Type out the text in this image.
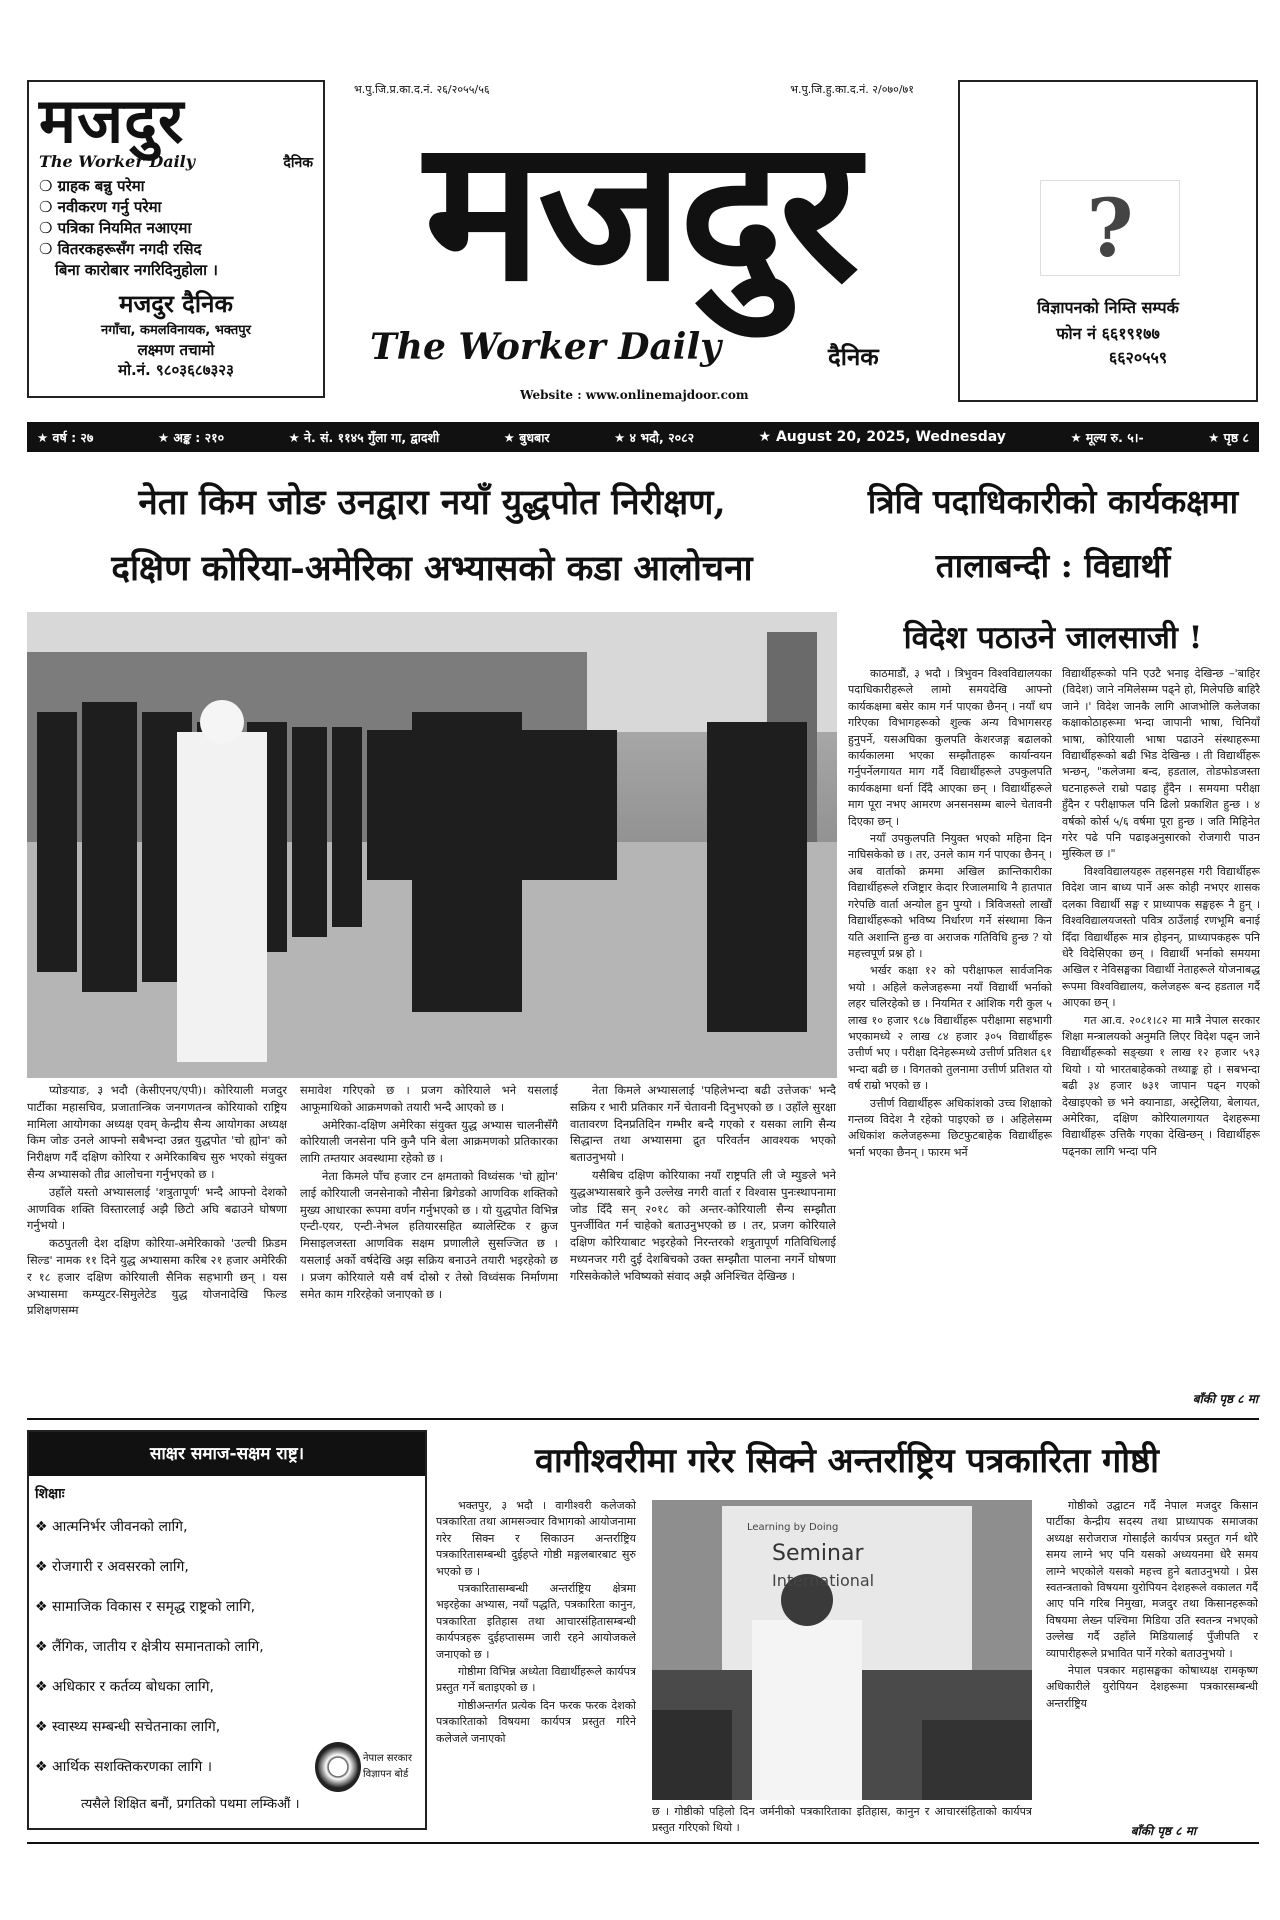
मजदुर
The Worker Daily	दैनिक
❍ ग्राहक बन्नु परेमा
❍ नवीकरण गर्नु परेमा
❍ पत्रिका नियमित नआएमा
❍ वितरकहरूसँग नगदी रसिद
बिना कारोबार नगरिदिनुहोला ।
मजदुर दैनिक
नगाँचा, कमलविनायक, भक्तपुर
लक्ष्मण तचामो
मो.नं. ९८०३६८७३२३
भ.पु.जि.प्र.का.द.नं. २६/२०५५/५६	भ.पु.जि.हु.का.द.नं. २/०७०/७१
मजदुर
The Worker Daily	दैनिक
Website : www.onlinemajdoor.com
?
विज्ञापनको निम्ति सम्पर्क
फोन नं ६६१९१७७
६६२०५५९
★ वर्ष : २७	★ अङ्क : २१०	★ ने. सं. ११४५ गुँला गा, द्वादशी	★ बुधबार	★ ४ भदौ, २०८२	★ August 20, 2025, Wednesday	★ मूल्य रु. ५।-	★ पृष्ठ ८
नेता किम जोङ उनद्वारा नयाँ युद्धपोत निरीक्षण,
दक्षिण कोरिया-अमेरिका अभ्यासको कडा आलोचना

प्योङयाङ, ३ भदौ (केसीएनए/एपी)। कोरियाली मजदुर पार्टीका महासचिव, प्रजातान्त्रिक जनगणतन्त्र कोरियाको राष्ट्रिय मामिला आयोगका अध्यक्ष एवम् केन्द्रीय सैन्य आयोगका अध्यक्ष किम जोङ उनले आफ्नो सबैभन्दा उन्नत युद्धपोत 'चो ह्योन' को निरीक्षण गर्दै दक्षिण कोरिया र अमेरिकाबिच सुरु भएको संयुक्त सैन्य अभ्यासको तीव्र आलोचना गर्नुभएको छ ।

उहाँले यस्तो अभ्यासलाई 'शत्रुतापूर्ण' भन्दै आफ्नो देशको आणविक शक्ति विस्तारलाई अझै छिटो अघि बढाउने घोषणा गर्नुभयो ।

कठपुतली देश दक्षिण कोरिया-अमेरिकाको 'उल्ची फ्रिडम सिल्ड' नामक ११ दिने युद्ध अभ्यासमा करिब २१ हजार अमेरिकी र १८ हजार दक्षिण कोरियाली सैनिक सहभागी छन् । यस अभ्यासमा कम्प्युटर-सिमुलेटेड युद्ध योजनादेखि फिल्ड प्रशिक्षणसम्म

समावेश गरिएको छ । प्रजग कोरियाले भने यसलाई आफूमाथिको आक्रमणको तयारी भन्दै आएको छ ।

अमेरिका-दक्षिण अमेरिका संयुक्त युद्ध अभ्यास चालनीसँगै कोरियाली जनसेना पनि कुनै पनि बेला आक्रमणको प्रतिकारका लागि तम्तयार अवस्थामा रहेको छ ।

नेता किमले पाँच हजार टन क्षमताको विध्वंसक 'चो ह्योन' लाई कोरियाली जनसेनाको नौसेना ब्रिगेडको आणविक शक्तिको मुख्य आधारका रूपमा वर्णन गर्नुभएको छ । यो युद्धपोत विभिन्न एन्टी-एयर, एन्टी-नेभल हतियारसहित ब्यालेस्टिक र क्रुज मिसाइलजस्ता आणविक सक्षम प्रणालीले सुसज्जित छ । यसलाई अर्को वर्षदेखि अझ सक्रिय बनाउने तयारी भइरहेको छ । प्रजग कोरियाले यसै वर्ष दोस्रो र तेस्रो विध्वंसक निर्माणमा समेत काम गरिरहेको जनाएको छ ।

नेता किमले अभ्यासलाई 'पहिलेभन्दा बढी उत्तेजक' भन्दै सक्रिय र भारी प्रतिकार गर्ने चेतावनी दिनुभएको छ । उहाँले सुरक्षा वातावरण दिनप्रतिदिन गम्भीर बन्दै गएको र यसका लागि सैन्य सिद्धान्त तथा अभ्यासमा द्रुत परिवर्तन आवश्यक भएको बताउनुभयो ।

यसैबिच दक्षिण कोरियाका नयाँ राष्ट्रपति ली जे म्युङले भने युद्धअभ्यासबारे कुनै उल्लेख नगरी वार्ता र विश्वास पुनःस्थापनामा जोड दिँदै सन् २०१८ को अन्तर-कोरियाली सैन्य सम्झौता पुनर्जीवित गर्न चाहेको बताउनुभएको छ । तर, प्रजग कोरियाले दक्षिण कोरियाबाट भइरहेको निरन्तरको शत्रुतापूर्ण गतिविधिलाई मध्यनजर गरी दुई देशबिचको उक्त सम्झौता पालना नगर्ने घोषणा गरिसकेकोले भविष्यको संवाद अझै अनिश्चित देखिन्छ ।

त्रिवि पदाधिकारीको कार्यकक्षमा
तालाबन्दी : विद्यार्थी
विदेश पठाउने जालसाजी !

काठमाडौं, ३ भदौ । त्रिभुवन विश्वविद्यालयका पदाधिकारीहरूले लामो समयदेखि आफ्नो कार्यकक्षमा बसेर काम गर्न पाएका छैनन् । नयाँ थप गरिएका विभागहरूको शुल्क अन्य विभागसरह हुनुपर्ने, यसअघिका कुलपति केशरजङ्ग बढालको कार्यकालमा भएका सम्झौताहरू कार्यान्वयन गर्नुपर्नेलगायत माग गर्दै विद्यार्थीहरूले उपकुलपति कार्यकक्षमा धर्ना दिँदै आएका छन् । विद्यार्थीहरूले माग पूरा नभए आमरण अनसनसम्म बाल्ने चेतावनी दिएका छन् ।

नयाँ उपकुलपति नियुक्त भएको महिना दिन नाघिसकेको छ । तर, उनले काम गर्न पाएका छैनन् । अब वार्ताको क्रममा अखिल क्रान्तिकारीका विद्यार्थीहरूले रजिष्ट्रार केदार रिजालमाथि नै हातपात गरेपछि वार्ता अन्योल हुन पुग्यो । त्रिविजस्तो लाखौं विद्यार्थीहरूको भविष्य निर्धारण गर्ने संस्थामा किन यति अशान्ति हुन्छ वा अराजक गतिविधि हुन्छ ? यो महत्त्वपूर्ण प्रश्न हो ।

भर्खर कक्षा १२ को परीक्षाफल सार्वजनिक भयो । अहिले कलेजहरूमा नयाँ विद्यार्थी भर्नाको लहर चलिरहेको छ । नियमित र आंशिक गरी कुल ५ लाख १० हजार ९८७ विद्यार्थीहरू परीक्षामा सहभागी भएकामध्ये २ लाख ८४ हजार ३०५ विद्यार्थीहरू उत्तीर्ण भए । परीक्षा दिनेहरूमध्ये उत्तीर्ण प्रतिशत ६१ भन्दा बढी छ । विगतको तुलनामा उत्तीर्ण प्रतिशत यो वर्ष राम्रो भएको छ ।

उत्तीर्ण विद्यार्थीहरू अधिकांशको उच्च शिक्षाको गन्तव्य विदेश नै रहेको पाइएको छ । अहिलेसम्म अधिकांश कलेजहरूमा छिटफुटबाहेक विद्यार्थीहरू भर्ना भएका छैनन् । फारम भर्ने

विद्यार्थीहरूको पनि एउटै भनाइ देखिन्छ –'बाहिर (विदेश) जाने नमिलेसम्म पढ्ने हो, मिलेपछि बाहिरै जाने ।' विदेश जानकै लागि आजभोलि कलेजका कक्षाकोठाहरूमा भन्दा जापानी भाषा, चिनियाँ भाषा, कोरियाली भाषा पढाउने संस्थाहरूमा विद्यार्थीहरूको बढी भिड देखिन्छ । ती विद्यार्थीहरू भन्छन्, "कलेजमा बन्द, हडताल, तोडफोडजस्ता घटनाहरूले राम्रो पढाइ हुँदैन । समयमा परीक्षा हुँदैन र परीक्षाफल पनि ढिलो प्रकाशित हुन्छ । ४ वर्षको कोर्स ५/६ वर्षमा पूरा हुन्छ । जति मिहिनेत गरेर पढे पनि पढाइअनुसारको रोजगारी पाउन मुस्किल छ ।"

विश्वविद्यालयहरू तहसनहस गरी विद्यार्थीहरू विदेश जान बाध्य पार्ने अरू कोही नभएर शासक दलका विद्यार्थी सङ्घ र प्राध्यापक सङ्घहरू नै हुन् । विश्वविद्यालयजस्तो पवित्र ठाउँलाई रणभूमि बनाई दिँदा विद्यार्थीहरू मात्र होइनन्, प्राध्यापकहरू पनि धेरै विदेसिएका छन् । विद्यार्थी भर्नाको समयमा अखिल र नेविसङ्घका विद्यार्थी नेताहरूले योजनाबद्ध रूपमा विश्वविद्यालय, कलेजहरू बन्द हडताल गर्दै आएका छन् ।

गत आ.व. २०८१।८२ मा मात्रै नेपाल सरकार शिक्षा मन्त्रालयको अनुमति लिएर विदेश पढ्न जाने विद्यार्थीहरूको सङ्ख्या १ लाख १२ हजार ५९३ थियो । यो भारतबाहेकको तथ्याङ्क हो । सबभन्दा बढी ३४ हजार ७३१ जापान पढ्न गएको देखाइएको छ भने क्यानाडा, अस्ट्रेलिया, बेलायत, अमेरिका, दक्षिण कोरियालगायत देशहरूमा विद्यार्थीहरू उत्तिकै गएका देखिन्छन् । विद्यार्थीहरू पढ्नका लागि भन्दा पनि

बाँकी पृष्ठ ८ मा
साक्षर समाज-सक्षम राष्ट्र।
शिक्षाः
❖ आत्मनिर्भर जीवनको लागि,
❖ रोजगारी र अवसरको लागि,
❖ सामाजिक विकास र समृद्ध राष्ट्रको लागि,
❖ लैंगिक, जातीय र क्षेत्रीय समानताको लागि,
❖ अधिकार र कर्तव्य बोधका लागि,
❖ स्वास्थ्य सम्बन्धी सचेतनाका लागि,
❖ आर्थिक सशक्तिकरणका लागि ।
त्यसैले शिक्षित बनौं, प्रगतिको पथमा लम्किऔं ।
नेपाल सरकार
विज्ञापन बोर्ड
वागीश्वरीमा गरेर सिक्ने अन्तर्राष्ट्रिय पत्रकारिता गोष्ठी

भक्तपुर, ३ भदौ । वागीश्वरी कलेजको पत्रकारिता तथा आमसञ्चार विभागको आयोजनामा गरेर सिक्न र सिकाउन अन्तर्राष्ट्रिय पत्रकारितासम्बन्धी दुईहप्ते गोष्ठी मङ्गलबारबाट सुरु भएको छ ।

पत्रकारितासम्बन्धी अन्तर्राष्ट्रिय क्षेत्रमा भइरहेका अभ्यास, नयाँ पद्धति, पत्रकारिता कानुन, पत्रकारिता इतिहास तथा आचारसंहितासम्बन्धी कार्यपत्रहरू दुईहप्तासम्म जारी रहने आयोजकले जनाएको छ ।

गोष्ठीमा विभिन्न अध्येता विद्यार्थीहरूले कार्यपत्र प्रस्तुत गर्ने बताइएको छ ।

गोष्ठीअन्तर्गत प्रत्येक दिन फरक फरक देशको पत्रकारिताको विषयमा कार्यपत्र प्रस्तुत गरिने कलेजले जनाएको

Learning by Doing
Seminar
International

छ । गोष्ठीको पहिलो दिन जर्मनीको पत्रकारिताका इतिहास, कानुन र आचारसंहिताको कार्यपत्र प्रस्तुत गरिएको थियो ।

गोष्ठीको उद्घाटन गर्दै नेपाल मजदुर किसान पार्टीका केन्द्रीय सदस्य तथा प्राध्यापक समाजका अध्यक्ष सरोजराज गोसाईंले कार्यपत्र प्रस्तुत गर्न थोरै समय लाग्ने भए पनि यसको अध्ययनमा धेरै समय लाग्ने भएकोले यसको महत्त्व हुने बताउनुभयो । प्रेस स्वतन्त्रताको विषयमा युरोपियन देशहरूले वकालत गर्दै आए पनि गरिब निमुखा, मजदुर तथा किसानहरूको विषयमा लेख्न पश्चिमा मिडिया उति स्वतन्त्र नभएको उल्लेख गर्दै उहाँले मिडियालाई पुँजीपति र व्यापारीहरूले प्रभावित पार्ने गरेको बताउनुभयो ।

नेपाल पत्रकार महासङ्घका कोषाध्यक्ष रामकृष्ण अधिकारीले युरोपियन देशहरूमा पत्रकारसम्बन्धी अन्तर्राष्ट्रिय

बाँकी पृष्ठ ८ मा
